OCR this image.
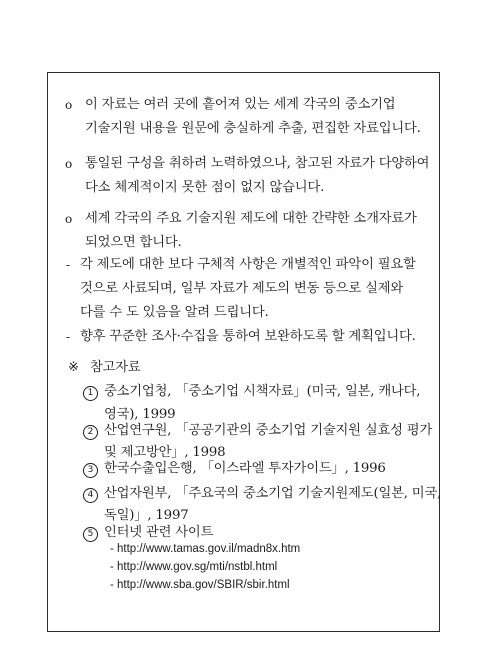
o 이 자료는 여러 곳에 흩어져 있는 세계 각국의 중소기업
기술지원 내용을 원문에 충실하게 추출, 편집한 자료입니다.
o 통일된 구성을 취하려 노력하였으나, 참고된 자료가 다양하여
다소 체계적이지 못한 점이 없지 않습니다.
o 세계 각국의 주요 기술지원 제도에 대한 간략한 소개자료가
되었으면 합니다.
- 각 제도에 대한 보다 구체적 사항은 개별적인 파악이 필요할
것으로 사료되며, 일부 자료가 제도의 변동 등으로 실제와
다를 수 도 있음을 알려 드립니다.
- 향후 꾸준한 조사·수집을 통하여 보완하도록 할 계획입니다.
※ 참고자료
1 중소기업청, 「중소기업 시책자료」(미국, 일본, 캐나다,
영국), 1999
2 산업연구원, 「공공기관의 중소기업 기술지원 실효성 평가
및 제고방안」, 1998
3 한국수출입은행, 「이스라엘 투자가이드」, 1996
4 산업자원부, 「주요국의 중소기업 기술지원제도(일본, 미국,
독일)」, 1997
5 인터넷 관련 사이트
- http://www.tamas.gov.il/madn8x.htm
- http://www.gov.sg/mti/nstbl.html
- http://www.sba.gov/SBIR/sbir.html
